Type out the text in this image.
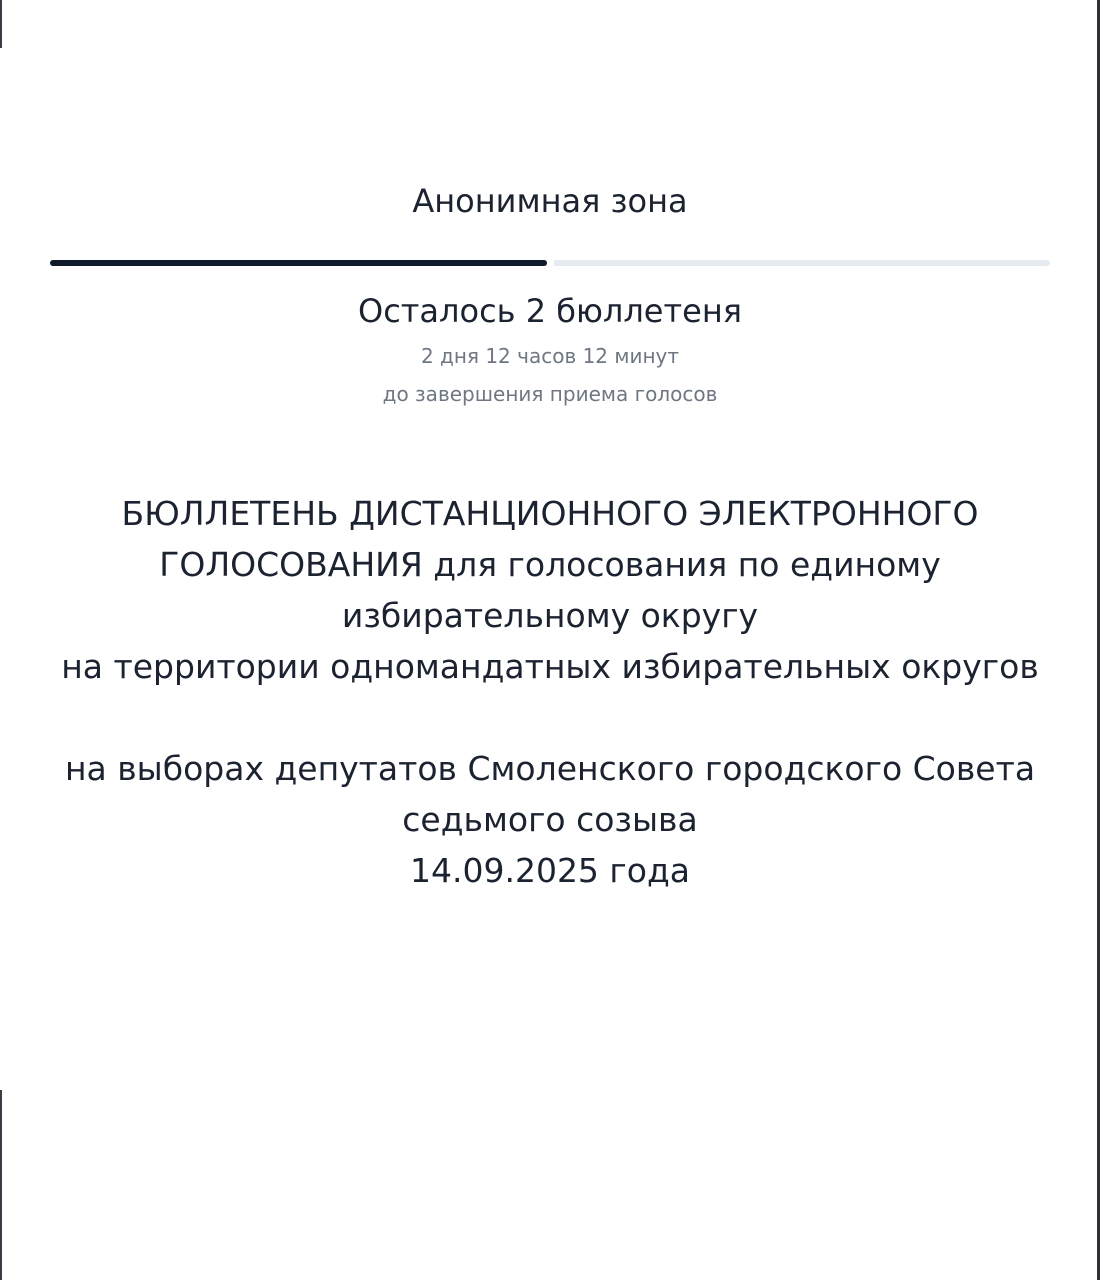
Анонимная зона
Осталось 2 бюллетеня
2 дня 12 часов 12 минут
до завершения приема голосов
БЮЛЛЕТЕНЬ ДИСТАНЦИОННОГО ЭЛЕКТРОННОГО ГОЛОСОВАНИЯ для голосования по единому
избирательному округу
на территории одномандатных избирательных округов
на выборах депутатов Смоленского городского Совета
седьмого созыва
14.09.2025 года
